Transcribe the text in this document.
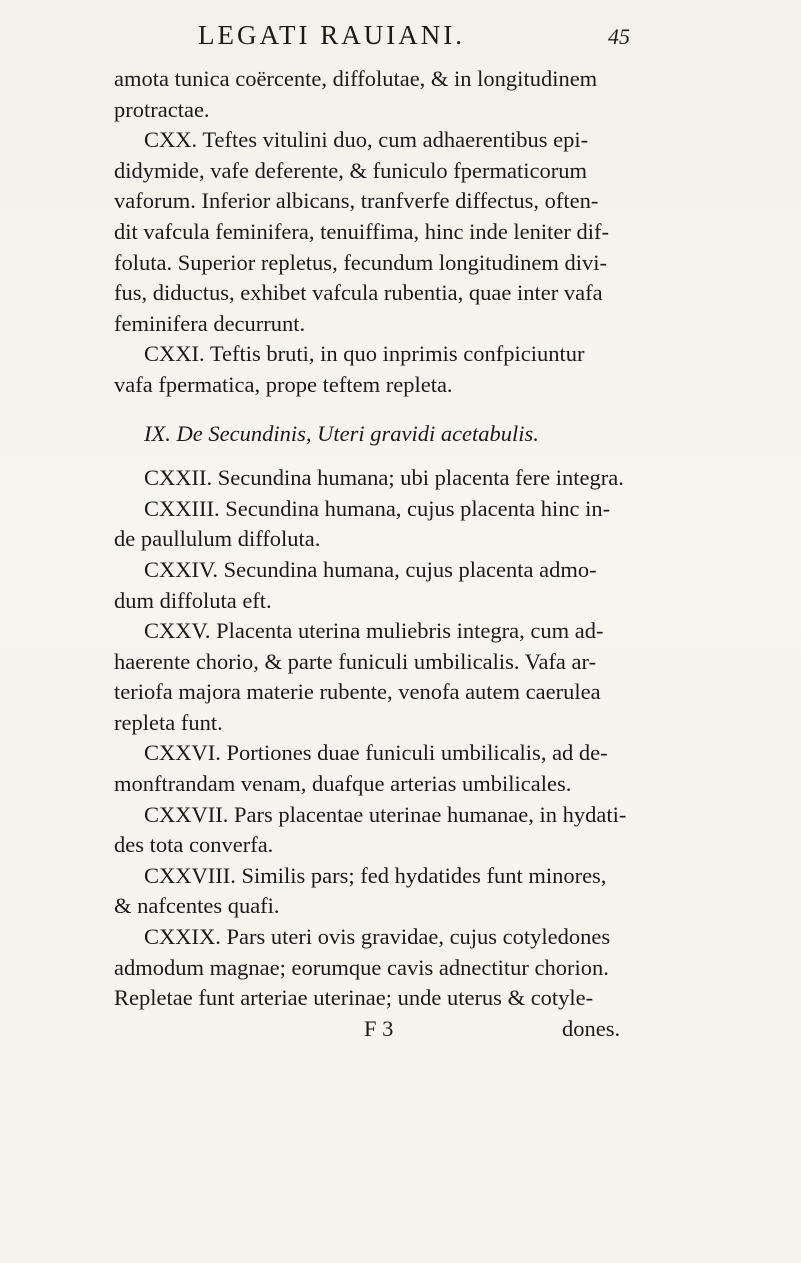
LEGATI RAUIANI.	45
amota tunica coërcente, diffolutae, & in longitudinem
protractae.
CXX. Teftes vitulini duo, cum adhaerentibus epi-
didymide, vafe deferente, & funiculo fpermaticorum
vaforum. Inferior albicans, tranfverfe diffectus, often-
dit vafcula feminifera, tenuiffima, hinc inde leniter dif-
foluta. Superior repletus, fecundum longitudinem divi-
fus, diductus, exhibet vafcula rubentia, quae inter vafa
feminifera decurrunt.
CXXI. Teftis bruti, in quo inprimis confpiciuntur
vafa fpermatica, prope teftem repleta.
IX. De Secundinis, Uteri gravidi acetabulis.
CXXII. Secundina humana; ubi placenta fere integra.
CXXIII. Secundina humana, cujus placenta hinc in-
de paullulum diffoluta.
CXXIV. Secundina humana, cujus placenta admo-
dum diffoluta eft.
CXXV. Placenta uterina muliebris integra, cum ad-
haerente chorio, & parte funiculi umbilicalis. Vafa ar-
teriofa majora materie rubente, venofa autem caerulea
repleta funt.
CXXVI. Portiones duae funiculi umbilicalis, ad de-
monftrandam venam, duafque arterias umbilicales.
CXXVII. Pars placentae uterinae humanae, in hydati-
des tota converfa.
CXXVIII. Similis pars; fed hydatides funt minores,
& nafcentes quafi.
CXXIX. Pars uteri ovis gravidae, cujus cotyledones
admodum magnae; eorumque cavis adnectitur chorion.
Repletae funt arteriae uterinae; unde uterus & cotyle-
F 3	dones.
